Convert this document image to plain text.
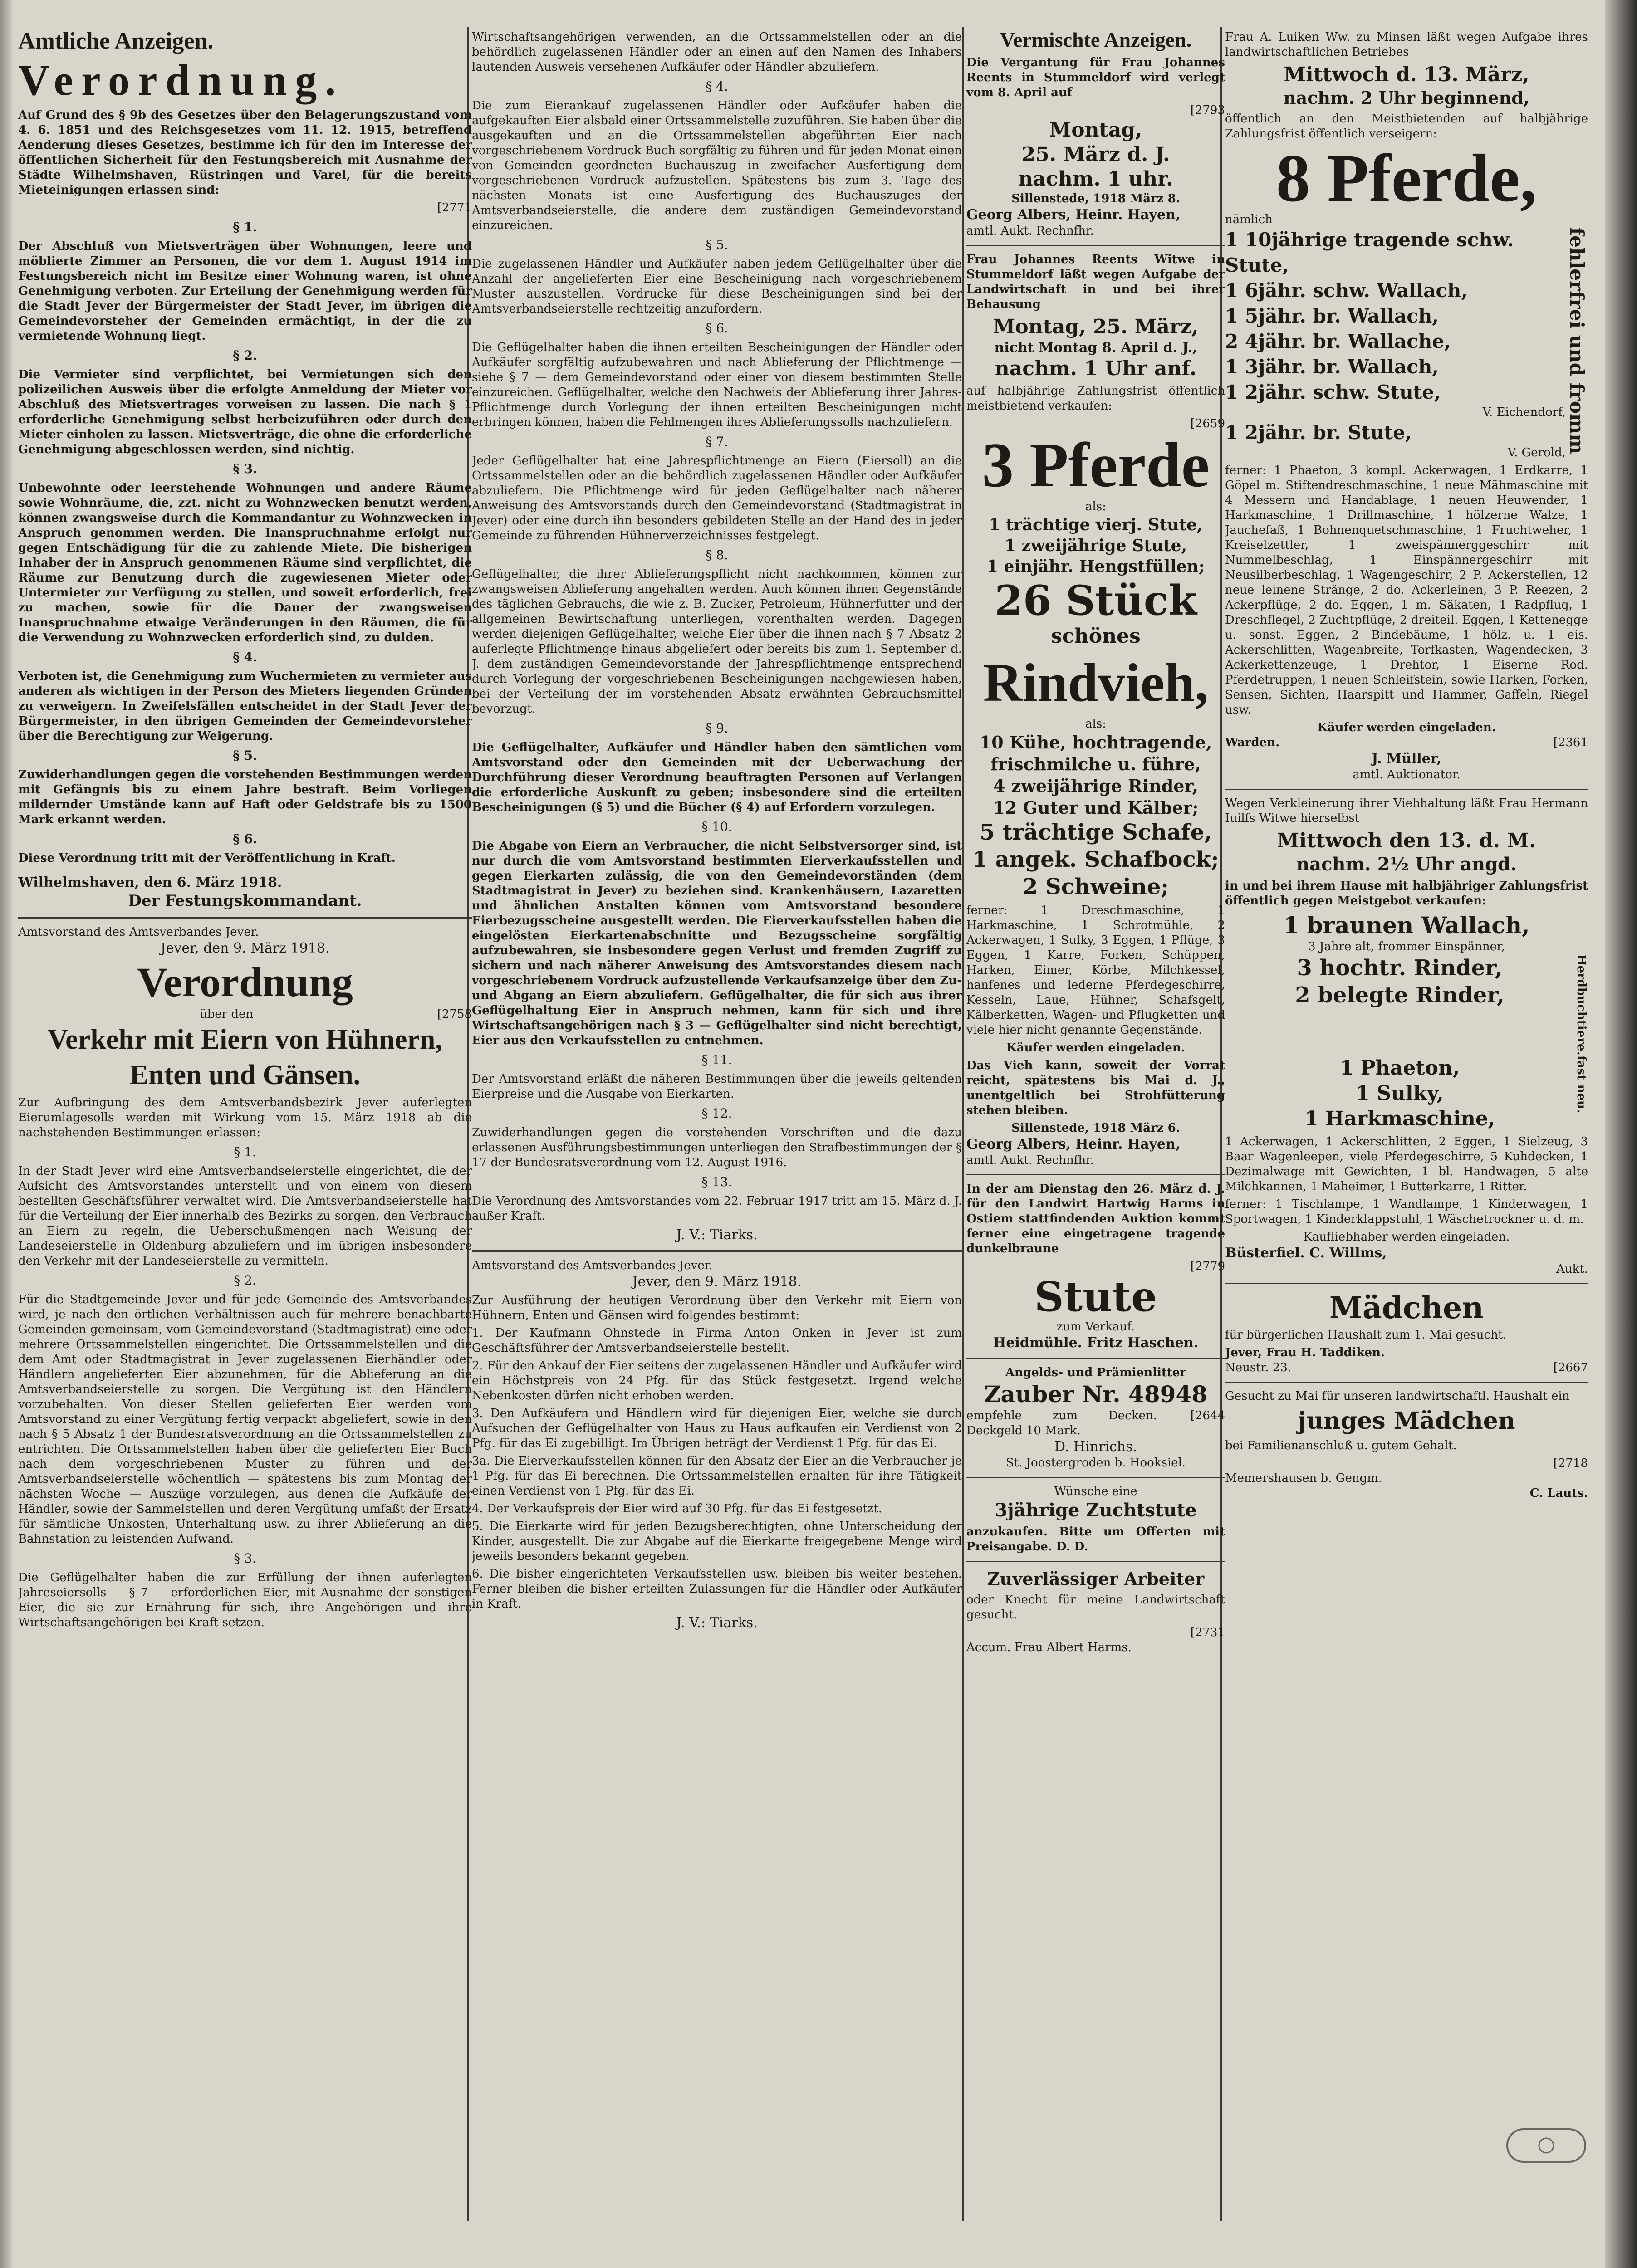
Amtliche Anzeigen.
Verordnung.

Auf Grund des § 9b des Gesetzes über den Belagerungszustand vom 4. 6. 1851 und des Reichsgesetzes vom 11. 12. 1915, betreffend Aenderung dieses Gesetzes, bestimme ich für den im Interesse der öffentlichen Sicherheit für den Festungsbereich mit Ausnahme der Städte Wilhelmshaven, Rüstringen und Varel, für die bereits Mieteinigungen erlassen sind:

[2771
§ 1.

Der Abschluß von Mietsverträgen über Wohnungen, leere und möblierte Zimmer an Personen, die vor dem 1. August 1914 im Festungsbereich nicht im Besitze einer Wohnung waren, ist ohne Genehmigung verboten. Zur Erteilung der Genehmigung werden für die Stadt Jever der Bürgermeister der Stadt Jever, im übrigen die Gemeindevorsteher der Gemeinden ermächtigt, in der die zu vermietende Wohnung liegt.

§ 2.

Die Vermieter sind verpflichtet, bei Vermietungen sich den polizeilichen Ausweis über die erfolgte Anmeldung der Mieter vor Abschluß des Mietsvertrages vorweisen zu lassen. Die nach § 1 erforderliche Genehmigung selbst herbeizuführen oder durch den Mieter einholen zu lassen. Mietsverträge, die ohne die erforderliche Genehmigung abgeschlossen werden, sind nichtig.

§ 3.

Unbewohnte oder leerstehende Wohnungen und andere Räume sowie Wohnräume, die, zzt. nicht zu Wohnzwecken benutzt werden, können zwangsweise durch die Kommandantur zu Wohnzwecken in Anspruch genommen werden. Die Inanspruchnahme erfolgt nur gegen Entschädigung für die zu zahlende Miete. Die bisherigen Inhaber der in Anspruch genommenen Räume sind verpflichtet, die Räume zur Benutzung durch die zugewiesenen Mieter oder Untermieter zur Verfügung zu stellen, und soweit erforderlich, frei zu machen, sowie für die Dauer der zwangsweisen Inanspruchnahme etwaige Veränderungen in den Räumen, die für die Verwendung zu Wohnzwecken erforderlich sind, zu dulden.

§ 4.

Verboten ist, die Genehmigung zum Wuchermieten zu vermieter aus anderen als wichtigen in der Person des Mieters liegenden Gründen zu verweigern. In Zweifelsfällen entscheidet in der Stadt Jever der Bürgermeister, in den übrigen Gemeinden der Gemeindevorsteher über die Berechtigung zur Weigerung.

§ 5.

Zuwiderhandlungen gegen die vorstehenden Bestimmungen werden mit Gefängnis bis zu einem Jahre bestraft. Beim Vorliegen mildernder Umstände kann auf Haft oder Geldstrafe bis zu 1500 Mark erkannt werden.

§ 6.

Diese Verordnung tritt mit der Veröffentlichung in Kraft.

Wilhelmshaven, den 6. März 1918.
Der Festungskommandant.
Amtsvorstand des Amtsverbandes Jever.
Jever, den 9. März 1918.
Verordnung
über den	[2758
Verkehr mit Eiern von Hühnern,
Enten und Gänsen.

Zur Aufbringung des dem Amtsverbandsbezirk Jever auferlegten Eierumlagesolls werden mit Wirkung vom 15. März 1918 ab die nachstehenden Bestimmungen erlassen:

§ 1.

In der Stadt Jever wird eine Amtsverbandseierstelle eingerichtet, die der Aufsicht des Amtsvorstandes unterstellt und von einem von diesem bestellten Geschäftsführer verwaltet wird. Die Amtsverbandseierstelle hat für die Verteilung der Eier innerhalb des Bezirks zu sorgen, den Verbrauch an Eiern zu regeln, die Ueberschußmengen nach Weisung der Landeseierstelle in Oldenburg abzuliefern und im übrigen insbesondere den Verkehr mit der Landeseierstelle zu vermitteln.

§ 2.

Für die Stadtgemeinde Jever und für jede Gemeinde des Amtsverbandes wird, je nach den örtlichen Verhältnissen auch für mehrere benachbarte Gemeinden gemeinsam, vom Gemeindevorstand (Stadtmagistrat) eine oder mehrere Ortssammelstellen eingerichtet. Die Ortssammelstellen und die dem Amt oder Stadtmagistrat in Jever zugelassenen Eierhändler oder Händlern angelieferten Eier abzunehmen, für die Ablieferung an die Amtsverbandseierstelle zu sorgen. Die Vergütung ist den Händlern vorzubehalten. Von dieser Stellen gelieferten Eier werden vom Amtsvorstand zu einer Vergütung fertig verpackt abgeliefert, sowie in den nach § 5 Absatz 1 der Bundesratsverordnung an die Ortssammelstellen zu entrichten. Die Ortssammelstellen haben über die gelieferten Eier Buch nach dem vorgeschriebenen Muster zu führen und der Amtsverbandseierstelle wöchentlich — spätestens bis zum Montag der nächsten Woche — Auszüge vorzulegen, aus denen die Aufkäufe der Händler, sowie der Sammelstellen und deren Vergütung umfaßt der Ersatz für sämtliche Unkosten, Unterhaltung usw. zu ihrer Ablieferung an die Bahnstation zu leistenden Aufwand.

§ 3.

Die Geflügelhalter haben die zur Erfüllung der ihnen auferlegten Jahreseiersolls — § 7 — erforderlichen Eier, mit Ausnahme der sonstigen Eier, die sie zur Ernährung für sich, ihre Angehörigen und ihre Wirtschaftsangehörigen bei Kraft setzen.

Wirtschaftsangehörigen verwenden, an die Ortssammelstellen oder an die behördlich zugelassenen Händler oder an einen auf den Namen des Inhabers lautenden Ausweis versehenen Aufkäufer oder Händler abzuliefern.

§ 4.

Die zum Eierankauf zugelassenen Händler oder Aufkäufer haben die aufgekauften Eier alsbald einer Ortssammelstelle zuzuführen. Sie haben über die ausgekauften und an die Ortssammelstellen abgeführten Eier nach vorgeschriebenem Vordruck Buch sorgfältig zu führen und für jeden Monat einen von Gemeinden geordneten Buchauszug in zweifacher Ausfertigung dem vorgeschriebenen Vordruck aufzustellen. Spätestens bis zum 3. Tage des nächsten Monats ist eine Ausfertigung des Buchauszuges der Amtsverbandseierstelle, die andere dem zuständigen Gemeindevorstand einzureichen.

§ 5.

Die zugelassenen Händler und Aufkäufer haben jedem Geflügelhalter über die Anzahl der angelieferten Eier eine Bescheinigung nach vorgeschriebenem Muster auszustellen. Vordrucke für diese Bescheinigungen sind bei der Amtsverbandseierstelle rechtzeitig anzufordern.

§ 6.

Die Geflügelhalter haben die ihnen erteilten Bescheinigungen der Händler oder Aufkäufer sorgfältig aufzubewahren und nach Ablieferung der Pflichtmenge — siehe § 7 — dem Gemeindevorstand oder einer von diesem bestimmten Stelle einzureichen. Geflügelhalter, welche den Nachweis der Ablieferung ihrer Jahres-Pflichtmenge durch Vorlegung der ihnen erteilten Bescheinigungen nicht erbringen können, haben die Fehlmengen ihres Ablieferungssolls nachzuliefern.

§ 7.

Jeder Geflügelhalter hat eine Jahrespflichtmenge an Eiern (Eiersoll) an die Ortssammelstellen oder an die behördlich zugelassenen Händler oder Aufkäufer abzuliefern. Die Pflichtmenge wird für jeden Geflügelhalter nach näherer Anweisung des Amtsvorstands durch den Gemeindevorstand (Stadtmagistrat in Jever) oder eine durch ihn besonders gebildeten Stelle an der Hand des in jeder Gemeinde zu führenden Hühnerverzeichnisses festgelegt.

§ 8.

Geflügelhalter, die ihrer Ablieferungspflicht nicht nachkommen, können zur zwangsweisen Ablieferung angehalten werden. Auch können ihnen Gegenstände des täglichen Gebrauchs, die wie z. B. Zucker, Petroleum, Hühnerfutter und der allgemeinen Bewirtschaftung unterliegen, vorenthalten werden. Dagegen werden diejenigen Geflügelhalter, welche Eier über die ihnen nach § 7 Absatz 2 auferlegte Pflichtmenge hinaus abgeliefert oder bereits bis zum 1. September d. J. dem zuständigen Gemeindevorstande der Jahrespflichtmenge entsprechend durch Vorlegung der vorgeschriebenen Bescheinigungen nachgewiesen haben, bei der Verteilung der im vorstehenden Absatz erwähnten Gebrauchsmittel bevorzugt.

§ 9.

Die Geflügelhalter, Aufkäufer und Händler haben den sämtlichen vom Amtsvorstand oder den Gemeinden mit der Ueberwachung der Durchführung dieser Verordnung beauftragten Personen auf Verlangen die erforderliche Auskunft zu geben; insbesondere sind die erteilten Bescheinigungen (§ 5) und die Bücher (§ 4) auf Erfordern vorzulegen.

§ 10.

Die Abgabe von Eiern an Verbraucher, die nicht Selbstversorger sind, ist nur durch die vom Amtsvorstand bestimmten Eierverkaufsstellen und gegen Eierkarten zulässig, die von den Gemeindevorständen (dem Stadtmagistrat in Jever) zu beziehen sind. Krankenhäusern, Lazaretten und ähnlichen Anstalten können vom Amtsvorstand besondere Eierbezugsscheine ausgestellt werden. Die Eierverkaufsstellen haben die eingelösten Eierkartenabschnitte und Bezugsscheine sorgfältig aufzubewahren, sie insbesondere gegen Verlust und fremden Zugriff zu sichern und nach näherer Anweisung des Amtsvorstandes diesem nach vorgeschriebenem Vordruck aufzustellende Verkaufsanzeige über den Zu- und Abgang an Eiern abzuliefern. Geflügelhalter, die für sich aus ihrer Geflügelhaltung Eier in Anspruch nehmen, kann für sich und ihre Wirtschaftsangehörigen nach § 3 — Geflügelhalter sind nicht berechtigt, Eier aus den Verkaufsstellen zu entnehmen.

§ 11.

Der Amtsvorstand erläßt die näheren Bestimmungen über die jeweils geltenden Eierpreise und die Ausgabe von Eierkarten.

§ 12.

Zuwiderhandlungen gegen die vorstehenden Vorschriften und die dazu erlassenen Ausführungsbestimmungen unterliegen den Strafbestimmungen der § 17 der Bundesratsverordnung vom 12. August 1916.

§ 13.

Die Verordnung des Amtsvorstandes vom 22. Februar 1917 tritt am 15. März d. J. außer Kraft.

J. V.: Tiarks.
Amtsvorstand des Amtsverbandes Jever.
Jever, den 9. März 1918.

Zur Ausführung der heutigen Verordnung über den Verkehr mit Eiern von Hühnern, Enten und Gänsen wird folgendes bestimmt:

1. Der Kaufmann Ohnstede in Firma Anton Onken in Jever ist zum Geschäftsführer der Amtsverbandseierstelle bestellt.

2. Für den Ankauf der Eier seitens der zugelassenen Händler und Aufkäufer wird ein Höchstpreis von 24 Pfg. für das Stück festgesetzt. Irgend welche Nebenkosten dürfen nicht erhoben werden.

3. Den Aufkäufern und Händlern wird für diejenigen Eier, welche sie durch Aufsuchen der Geflügelhalter von Haus zu Haus aufkaufen ein Verdienst von 2 Pfg. für das Ei zugebilligt. Im Übrigen beträgt der Verdienst 1 Pfg. für das Ei.

3a. Die Eierverkaufsstellen können für den Absatz der Eier an die Verbraucher je 1 Pfg. für das Ei berechnen. Die Ortssammelstellen erhalten für ihre Tätigkeit einen Verdienst von 1 Pfg. für das Ei.

4. Der Verkaufspreis der Eier wird auf 30 Pfg. für das Ei festgesetzt.

5. Die Eierkarte wird für jeden Bezugsberechtigten, ohne Unterscheidung der Kinder, ausgestellt. Die zur Abgabe auf die Eierkarte freigegebene Menge wird jeweils besonders bekannt gegeben.

6. Die bisher eingerichteten Verkaufsstellen usw. bleiben bis weiter bestehen. Ferner bleiben die bisher erteilten Zulassungen für die Händler oder Aufkäufer in Kraft.

J. V.: Tiarks.
Vermischte Anzeigen.

Die Vergantung für Frau Johannes Reents in Stummeldorf wird verlegt vom 8. April auf

[2793
Montag,
25. März d. J.
nachm. 1 uhr.
Sillenstede, 1918 März 8.
Georg Albers, Heinr. Hayen,
amtl. Aukt. Rechnfhr.

Frau Johannes Reents Witwe in Stummeldorf läßt wegen Aufgabe der Landwirtschaft in und bei ihrer Behausung

Montag, 25. März,
nicht Montag 8. April d. J.,
nachm. 1 Uhr anf.

auf halbjährige Zahlungsfrist öffentlich meistbietend verkaufen:

[2659
3 Pferde
als:
1 trächtige vierj. Stute,
1 zweijährige Stute,
1 einjähr. Hengstfüllen;
26 Stück
schönes
Rindvieh,
als:
10 Kühe, hochtragende, frischmilche u. führe,
4 zweijährige Rinder,
12 Guter und Kälber;
5 trächtige Schafe,
1 angek. Schafbock;
2 Schweine;

ferner: 1 Dreschmaschine, 1 Harkmaschine, 1 Schrotmühle, 2 Ackerwagen, 1 Sulky, 3 Eggen, 1 Pflüge, 3 Eggen, 1 Karre, Forken, Schüppen, Harken, Eimer, Körbe, Milchkessel, hanfenes und lederne Pferdegeschirre, Kesseln, Laue, Hühner, Schafsgelt, Kälberketten, Wagen- und Pflugketten und viele hier nicht genannte Gegenstände.

Käufer werden eingeladen.

Das Vieh kann, soweit der Vorrat reicht, spätestens bis Mai d. J., unentgeltlich bei Strohfütterung stehen bleiben.

Sillenstede, 1918 März 6.
Georg Albers, Heinr. Hayen,
amtl. Aukt. Rechnfhr.

In der am Dienstag den 26. März d. J. für den Landwirt Hartwig Harms in Ostiem stattfindenden Auktion kommt ferner eine eingetragene tragende dunkelbraune

[2779
Stute
zum Verkauf.
Heidmühle. Fritz Haschen.
Angelds- und Prämienlitter
Zauber Nr. 48948
empfehle zum Decken. Deckgeld 10 Mark.
[2644
D. Hinrichs.
St. Joostergroden b. Hooksiel.
Wünsche eine
3jährige Zuchtstute

anzukaufen. Bitte um Offerten mit Preisangabe. D. D.

Zuverlässiger Arbeiter

oder Knecht für meine Landwirtschaft gesucht.

[2731
Accum. Frau Albert Harms.

Frau A. Luiken Ww. zu Minsen läßt wegen Aufgabe ihres landwirtschaftlichen Betriebes

Mittwoch d. 13. März,
nachm. 2 Uhr beginnend,

öffentlich an den Meistbietenden auf halbjährige Zahlungsfrist öffentlich verseigern:

8 Pferde,
nämlich
1 10jährige tragende schw. Stute,
1 6jähr. schw. Wallach,
1 5jähr. br. Wallach,
2 4jähr. br. Wallache,
1 3jähr. br. Wallach,
1 2jähr. schw. Stute,
V. Eichendorf,
1 2jähr. br. Stute,
V. Gerold, fehlerfrei und fromm

ferner: 1 Phaeton, 3 kompl. Ackerwagen, 1 Erdkarre, 1 Göpel m. Stiftendreschmaschine, 1 neue Mähmaschine mit 4 Messern und Handablage, 1 neuen Heuwender, 1 Harkmaschine, 1 Drillmaschine, 1 hölzerne Walze, 1 Jauchefaß, 1 Bohnenquetschmaschine, 1 Fruchtweher, 1 Kreiselzettler, 1 zweispännerggeschirr mit Nummelbeschlag, 1 Einspännergeschirr mit Neusilberbeschlag, 1 Wagengeschirr, 2 P. Ackerstellen, 12 neue leinene Stränge, 2 do. Ackerleinen, 3 P. Reezen, 2 Ackerpflüge, 2 do. Eggen, 1 m. Säkaten, 1 Radpflug, 1 Dreschflegel, 2 Zuchtpflüge, 2 dreiteil. Eggen, 1 Kettenegge u. sonst. Eggen, 2 Bindebäume, 1 hölz. u. 1 eis. Ackerschlitten, Wagenbreite, Torfkasten, Wagendecken, 3 Ackerkettenzeuge, 1 Drehtor, 1 Eiserne Rod. Pferdetruppen, 1 neuen Schleifstein, sowie Harken, Forken, Sensen, Sichten, Haarspitt und Hammer, Gaffeln, Riegel usw.

Käufer werden eingeladen.
Warden.	[2361
J. Müller,
amtl. Auktionator.

Wegen Verkleinerung ihrer Viehhaltung läßt Frau Hermann Iuilfs Witwe hierselbst

Mittwoch den 13. d. M.
nachm. 2½ Uhr angd.

in und bei ihrem Hause mit halbjähriger Zahlungsfrist öffentlich gegen Meistgebot verkaufen:

1 braunen Wallach,
3 Jahre alt, frommer Einspänner,
3 hochtr. Rinder,
2 belegte Rinder,	Herdbuchtiere.
1 Phaeton,
1 Sulky,
1 Harkmaschine,
fast neu.

1 Ackerwagen, 1 Ackerschlitten, 2 Eggen, 1 Sielzeug, 3 Baar Wagenleepen, viele Pferdegeschirre, 5 Kuhdecken, 1 Dezimalwage mit Gewichten, 1 bl. Handwagen, 5 alte Milchkannen, 1 Maheimer, 1 Butterkarre, 1 Ritter.

ferner: 1 Tischlampe, 1 Wandlampe, 1 Kinderwagen, 1 Sportwagen, 1 Kinderklappstuhl, 1 Wäschetrockner u. d. m.

Kaufliebhaber werden eingeladen.
Büsterfiel. C. Willms,
Aukt.
Mädchen

für bürgerlichen Haushalt zum 1. Mai gesucht.

Jever, Frau H. Taddiken.
Neustr. 23.	[2667

Gesucht zu Mai für unseren landwirtschaftl. Haushalt ein

junges Mädchen

bei Familienanschluß u. gutem Gehalt.

[2718
Memershausen b. Gengm.
C. Lauts.
